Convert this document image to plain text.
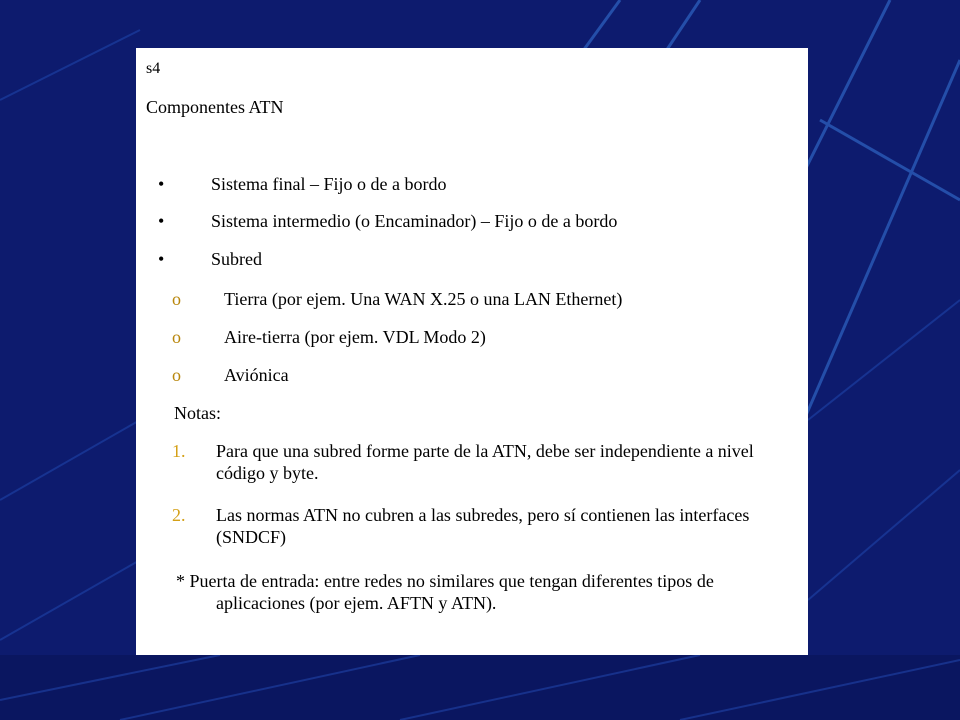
s4
Componentes ATN
•	Sistema final – Fijo o de a bordo
•	Sistema intermedio (o Encaminador) – Fijo o de a bordo
•	Subred
o Tierra (por ejem. Una WAN X.25 o una LAN Ethernet)
o Aire-tierra (por ejem. VDL Modo 2)
o Aviónica
Notas:
1. Para que una subred forme parte de la ATN, debe ser independiente a nivel código y byte.
2. Las normas ATN no cubren a las subredes, pero sí contienen las interfaces (SNDCF)
* Puerta de entrada: entre redes no similares que tengan diferentes tipos de aplicaciones (por ejem. AFTN y ATN).
